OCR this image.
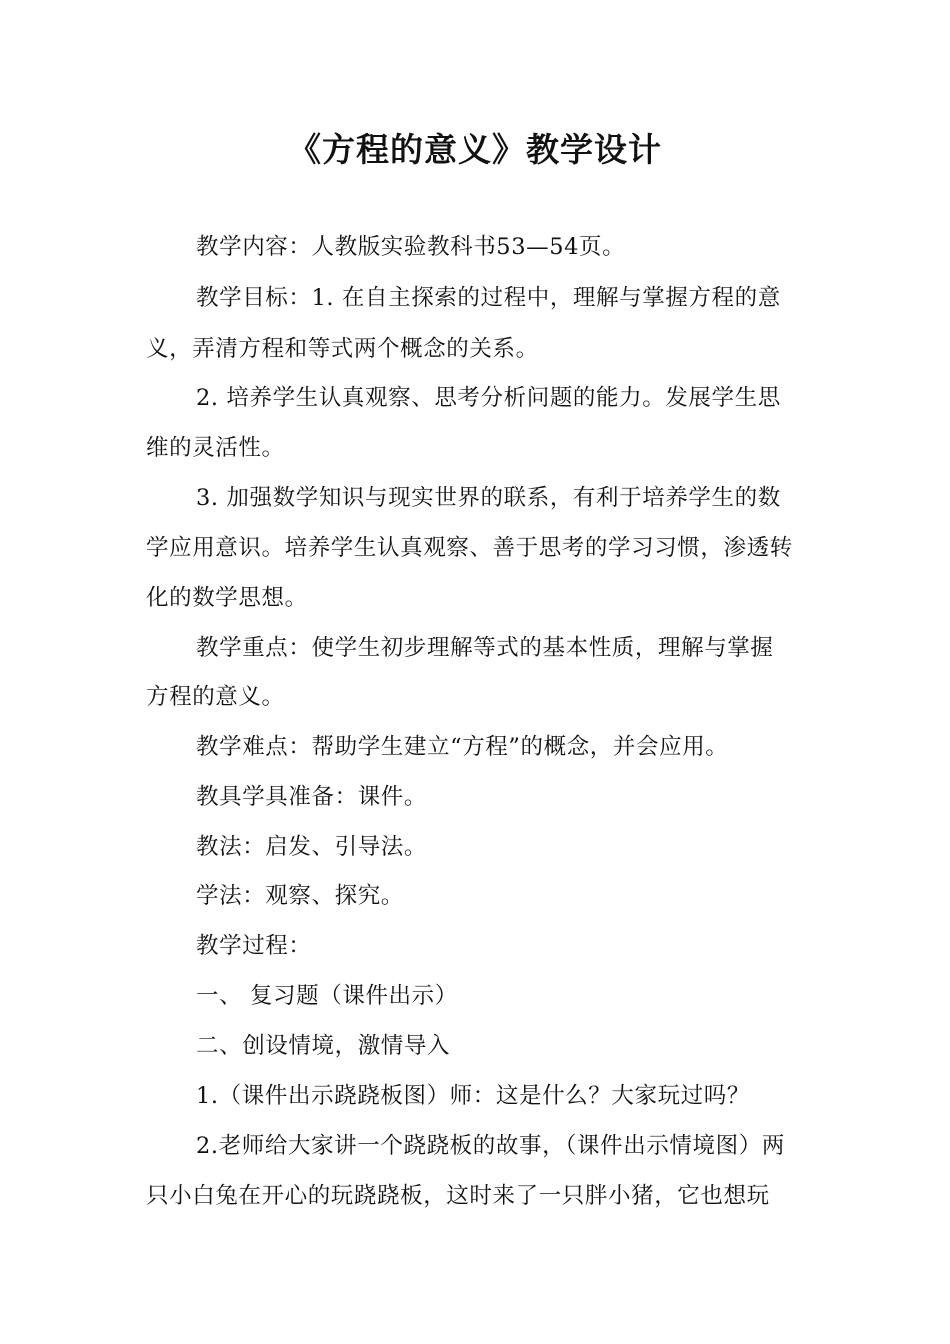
《方程的意义》教学设计
教学内容：人教版实验教科书53—54页。
教学目标：1. 在自主探索的过程中，理解与掌握方程的意
义，弄清方程和等式两个概念的关系。
2. 培养学生认真观察、思考分析问题的能力。发展学生思
维的灵活性。
3. 加强数学知识与现实世界的联系，有利于培养学生的数
学应用意识。培养学生认真观察、善于思考的学习习惯，渗透转
化的数学思想。
教学重点：使学生初步理解等式的基本性质，理解与掌握
方程的意义。
教学难点：帮助学生建立“方程”的概念，并会应用。
教具学具准备：课件。
教法：启发、引导法。
学法：观察、探究。
教学过程：
一、 复习题（课件出示）
二、创设情境，激情导入
1.（课件出示跷跷板图）师：这是什么？大家玩过吗？
2.老师给大家讲一个跷跷板的故事，（课件出示情境图）两
只小白兔在开心的玩跷跷板，这时来了一只胖小猪，它也想玩
